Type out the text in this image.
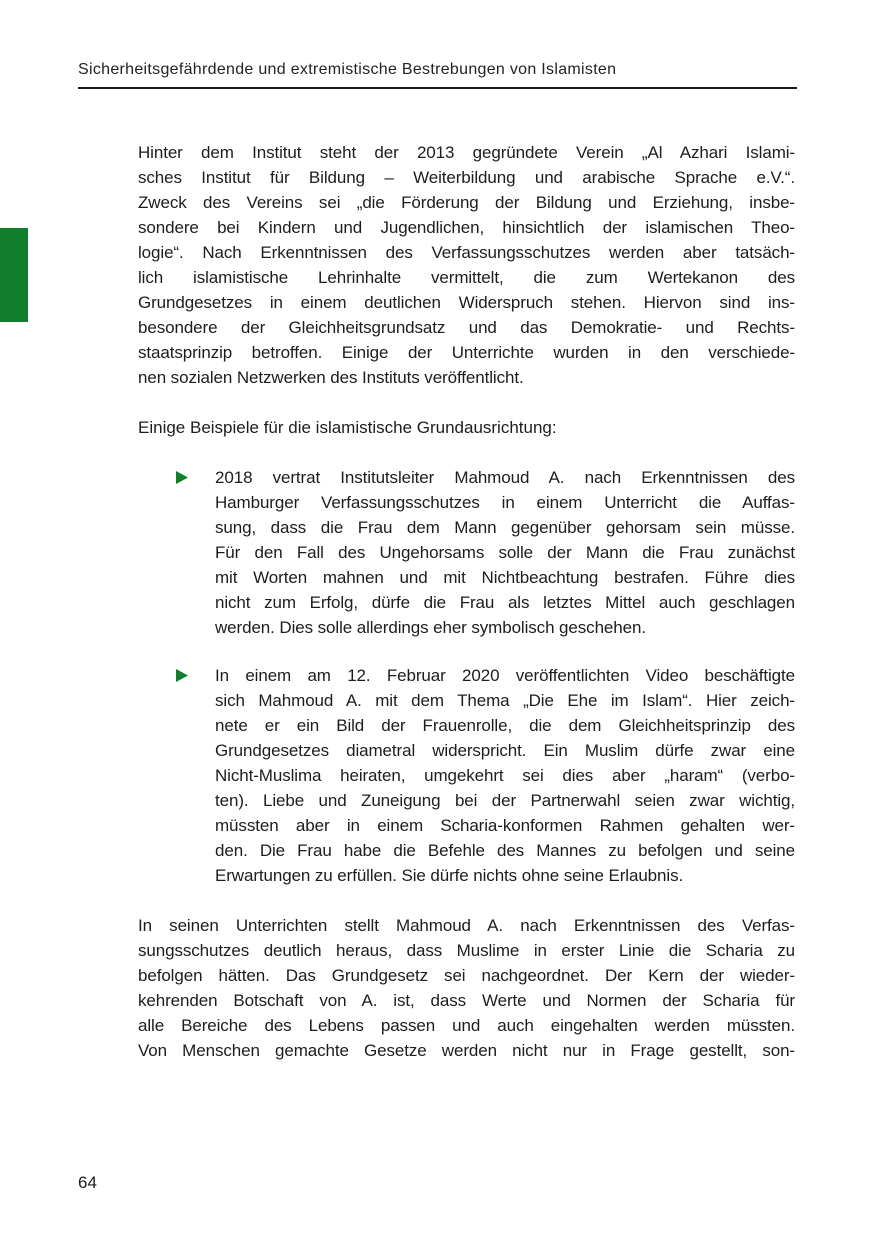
Sicherheitsgefährdende und extremistische Bestrebungen von Islamisten
Hinter dem Institut steht der 2013 gegründete Verein „Al Azhari Islami-
sches Institut für Bildung – Weiterbildung und arabische Sprache e.V.“.
Zweck des Vereins sei „die Förderung der Bildung und Erziehung, insbe-
sondere bei Kindern und Jugendlichen, hinsichtlich der islamischen Theo-
logie“. Nach Erkenntnissen des Verfassungsschutzes werden aber tatsäch-
lich islamistische Lehrinhalte vermittelt, die zum Wertekanon des
Grundgesetzes in einem deutlichen Widerspruch stehen. Hiervon sind ins-
besondere der Gleichheitsgrundsatz und das Demokratie- und Rechts-
staatsprinzip betroffen. Einige der Unterrichte wurden in den verschiede-
nen sozialen Netzwerken des Instituts veröffentlicht.
Einige Beispiele für die islamistische Grundausrichtung:
2018 vertrat Institutsleiter Mahmoud A. nach Erkenntnissen des
Hamburger Verfassungsschutzes in einem Unterricht die Auffas-
sung, dass die Frau dem Mann gegenüber gehorsam sein müsse.
Für den Fall des Ungehorsams solle der Mann die Frau zunächst
mit Worten mahnen und mit Nichtbeachtung bestrafen. Führe dies
nicht zum Erfolg, dürfe die Frau als letztes Mittel auch geschlagen
werden. Dies solle allerdings eher symbolisch geschehen.
In einem am 12. Februar 2020 veröffentlichten Video beschäftigte
sich Mahmoud A. mit dem Thema „Die Ehe im Islam“. Hier zeich-
nete er ein Bild der Frauenrolle, die dem Gleichheitsprinzip des
Grundgesetzes diametral widerspricht. Ein Muslim dürfe zwar eine
Nicht-Muslima heiraten, umgekehrt sei dies aber „haram“ (verbo-
ten). Liebe und Zuneigung bei der Partnerwahl seien zwar wichtig,
müssten aber in einem Scharia-konformen Rahmen gehalten wer-
den. Die Frau habe die Befehle des Mannes zu befolgen und seine
Erwartungen zu erfüllen. Sie dürfe nichts ohne seine Erlaubnis.
In seinen Unterrichten stellt Mahmoud A. nach Erkenntnissen des Verfas-
sungsschutzes deutlich heraus, dass Muslime in erster Linie die Scharia zu
befolgen hätten. Das Grundgesetz sei nachgeordnet. Der Kern der wieder-
kehrenden Botschaft von A. ist, dass Werte und Normen der Scharia für
alle Bereiche des Lebens passen und auch eingehalten werden müssten.
Von Menschen gemachte Gesetze werden nicht nur in Frage gestellt, son-
64
